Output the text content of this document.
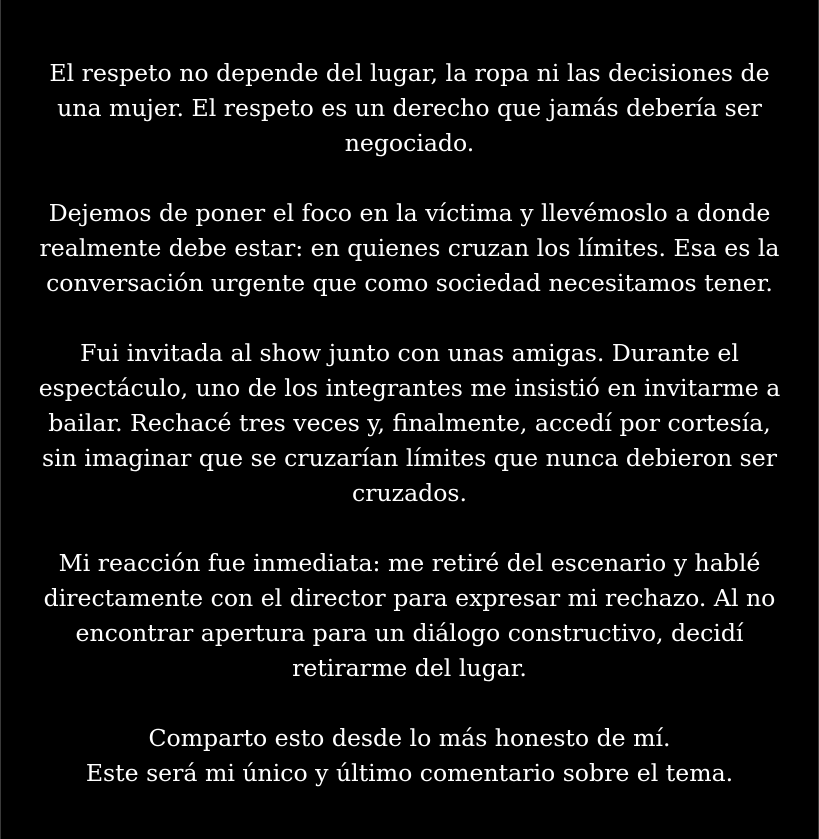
El respeto no depende del lugar, la ropa ni las decisiones de
una mujer. El respeto es un derecho que jamás debería ser
negociado.

Dejemos de poner el foco en la víctima y llevémoslo a donde
realmente debe estar: en quienes cruzan los límites. Esa es la
conversación urgente que como sociedad necesitamos tener.

Fui invitada al show junto con unas amigas. Durante el
espectáculo, uno de los integrantes me insistió en invitarme a
bailar. Rechacé tres veces y, finalmente, accedí por cortesía,
sin imaginar que se cruzarían límites que nunca debieron ser
cruzados.

Mi reacción fue inmediata: me retiré del escenario y hablé
directamente con el director para expresar mi rechazo. Al no
encontrar apertura para un diálogo constructivo, decidí
retirarme del lugar.

Comparto esto desde lo más honesto de mí.
Este será mi único y último comentario sobre el tema.
